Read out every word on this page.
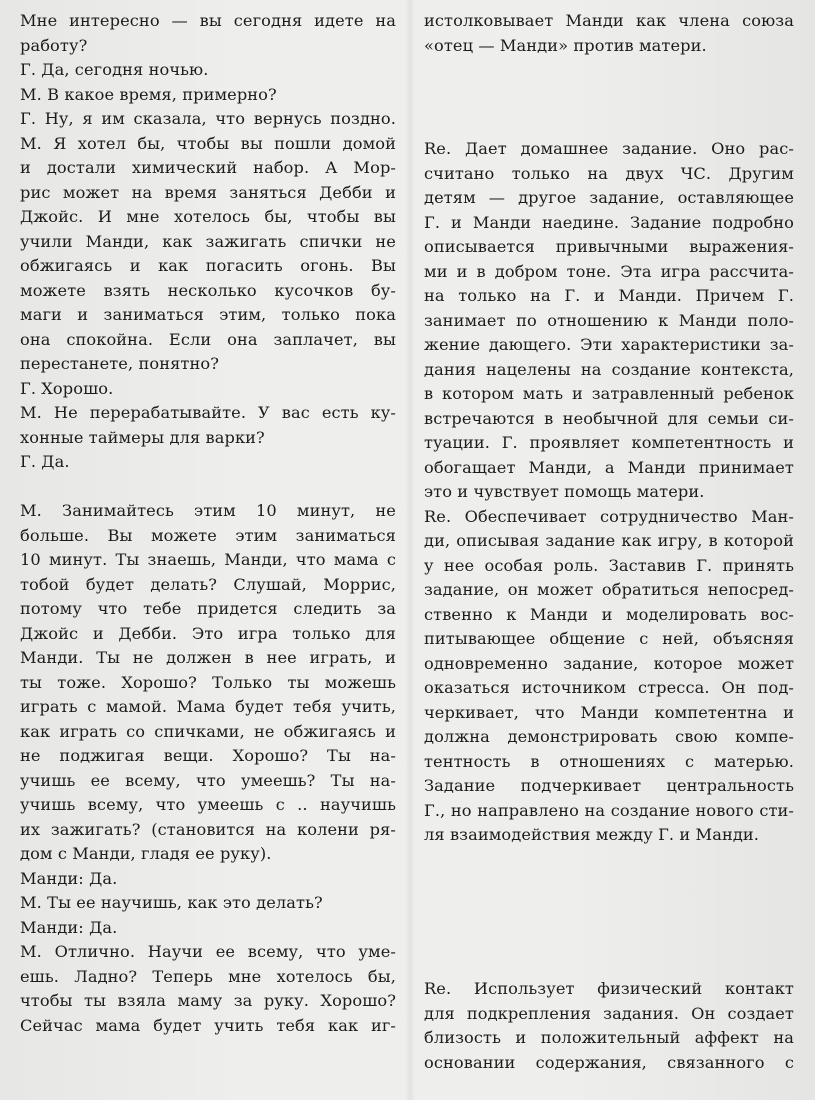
Мне интересно — вы сегодня идете на
работу?
Г. Да, сегодня ночью.
М. В какое время, примерно?
Г. Ну, я им сказала, что вернусь поздно.
М. Я хотел бы, чтобы вы пошли домой
и достали химический набор. А Мор-
рис может на время заняться Дебби и
Джойс. И мне хотелось бы, чтобы вы
учили Манди, как зажигать спички не
обжигаясь и как погасить огонь. Вы
можете взять несколько кусочков бу-
маги и заниматься этим, только пока
она спокойна. Если она заплачет, вы
перестанете, понятно?
Г. Хорошо.
М. Не перерабатывайте. У вас есть ку-
хонные таймеры для варки?
Г. Да.
М. Занимайтесь этим 10 минут, не
больше. Вы можете этим заниматься
10 минут. Ты знаешь, Манди, что мама с
тобой будет делать? Слушай, Моррис,
потому что тебе придется следить за
Джойс и Дебби. Это игра только для
Манди. Ты не должен в нее играть, и
ты тоже. Хорошо? Только ты можешь
играть с мамой. Мама будет тебя учить,
как играть со спичками, не обжигаясь и
не поджигая вещи. Хорошо? Ты на-
учишь ее всему, что умеешь? Ты на-
учишь всему, что умеешь с .. научишь
их зажигать? (становится на колени ря-
дом с Манди, гладя ее руку).
Манди: Да.
М. Ты ее научишь, как это делать?
Манди: Да.
М. Отлично. Научи ее всему, что уме-
ешь. Ладно? Теперь мне хотелось бы,
чтобы ты взяла маму за руку. Хорошо?
Сейчас мама будет учить тебя как иг-
истолковывает Манди как члена союза
«отец — Манди» против матери.
Re. Дает домашнее задание. Оно рас-
считано только на двух ЧС. Другим
детям — другое задание, оставляющее
Г. и Манди наедине. Задание подробно
описывается привычными выражения-
ми и в добром тоне. Эта игра рассчита-
на только на Г. и Манди. Причем Г.
занимает по отношению к Манди поло-
жение дающего. Эти характеристики за-
дания нацелены на создание контекста,
в котором мать и затравленный ребенок
встречаются в необычной для семьи си-
туации. Г. проявляет компетентность и
обогащает Манди, а Манди принимает
это и чувствует помощь матери.
Re. Обеспечивает сотрудничество Ман-
ди, описывая задание как игру, в которой
у нее особая роль. Заставив Г. принять
задание, он может обратиться непосред-
ственно к Манди и моделировать вос-
питывающее общение с ней, объясняя
одновременно задание, которое может
оказаться источником стресса. Он под-
черкивает, что Манди компетентна и
должна демонстрировать свою компе-
тентность в отношениях с матерью.
Задание подчеркивает центральность
Г., но направлено на создание нового сти-
ля взаимодействия между Г. и Манди.
Re. Использует физический контакт
для подкрепления задания. Он создает
близость и положительный аффект на
основании содержания, связанного с
